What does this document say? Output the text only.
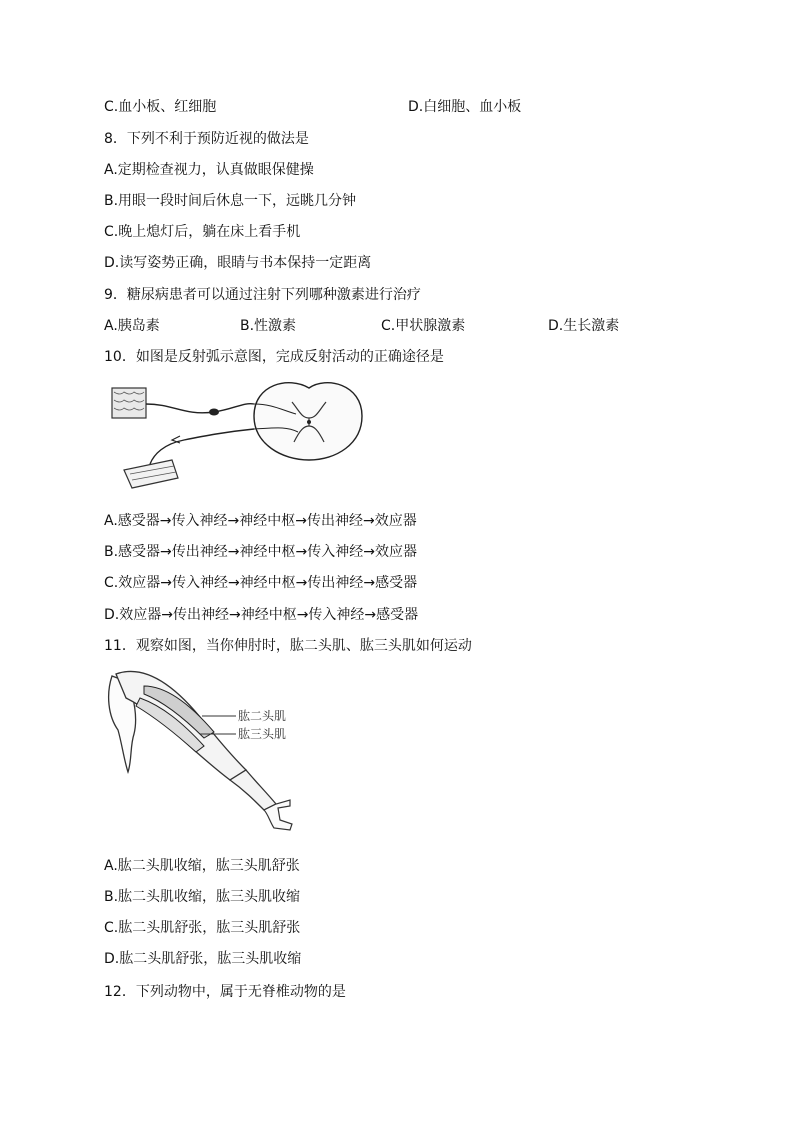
C.血小板、红细胞	D.白细胞、血小板
8．下列不利于预防近视的做法是
A.定期检查视力，认真做眼保健操
B.用眼一段时间后休息一下，远眺几分钟
C.晚上熄灯后，躺在床上看手机
D.读写姿势正确，眼睛与书本保持一定距离
9．糖尿病患者可以通过注射下列哪种激素进行治疗
A.胰岛素	B.性激素	C.甲状腺激素	D.生长激素
10．如图是反射弧示意图，完成反射活动的正确途径是
A.感受器→传入神经→神经中枢→传出神经→效应器
B.感受器→传出神经→神经中枢→传入神经→效应器
C.效应器→传入神经→神经中枢→传出神经→感受器
D.效应器→传出神经→神经中枢→传入神经→感受器
11．观察如图，当你伸肘时，肱二头肌、肱三头肌如何运动
肱二头肌
肱三头肌
A.肱二头肌收缩，肱三头肌舒张
B.肱二头肌收缩，肱三头肌收缩
C.肱二头肌舒张，肱三头肌舒张
D.肱二头肌舒张，肱三头肌收缩
12．下列动物中，属于无脊椎动物的是
